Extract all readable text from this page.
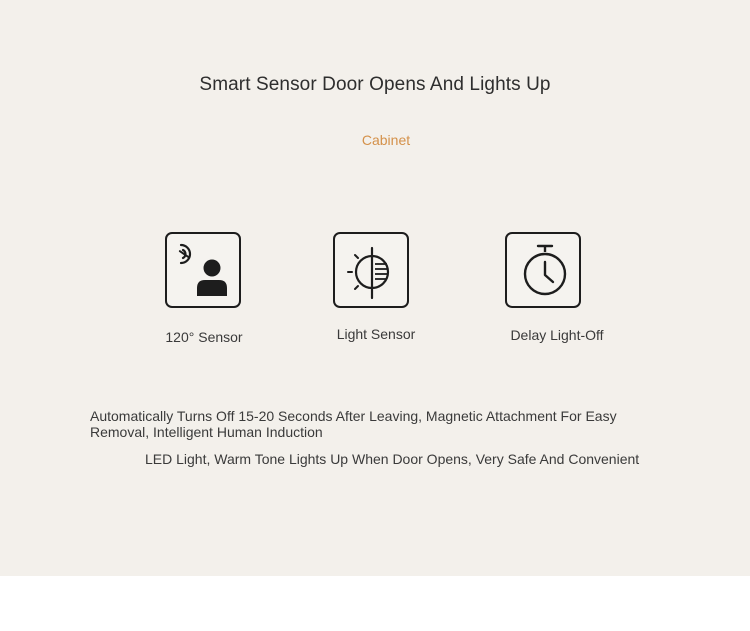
Smart Sensor Door Opens And Lights Up
Cabinet
120° Sensor	Light Sensor	Delay Light-Off
Automatically Turns Off 15-20 Seconds After Leaving, Magnetic Attachment For Easy
Removal, Intelligent Human Induction
LED Light, Warm Tone Lights Up When Door Opens, Very Safe And Convenient
